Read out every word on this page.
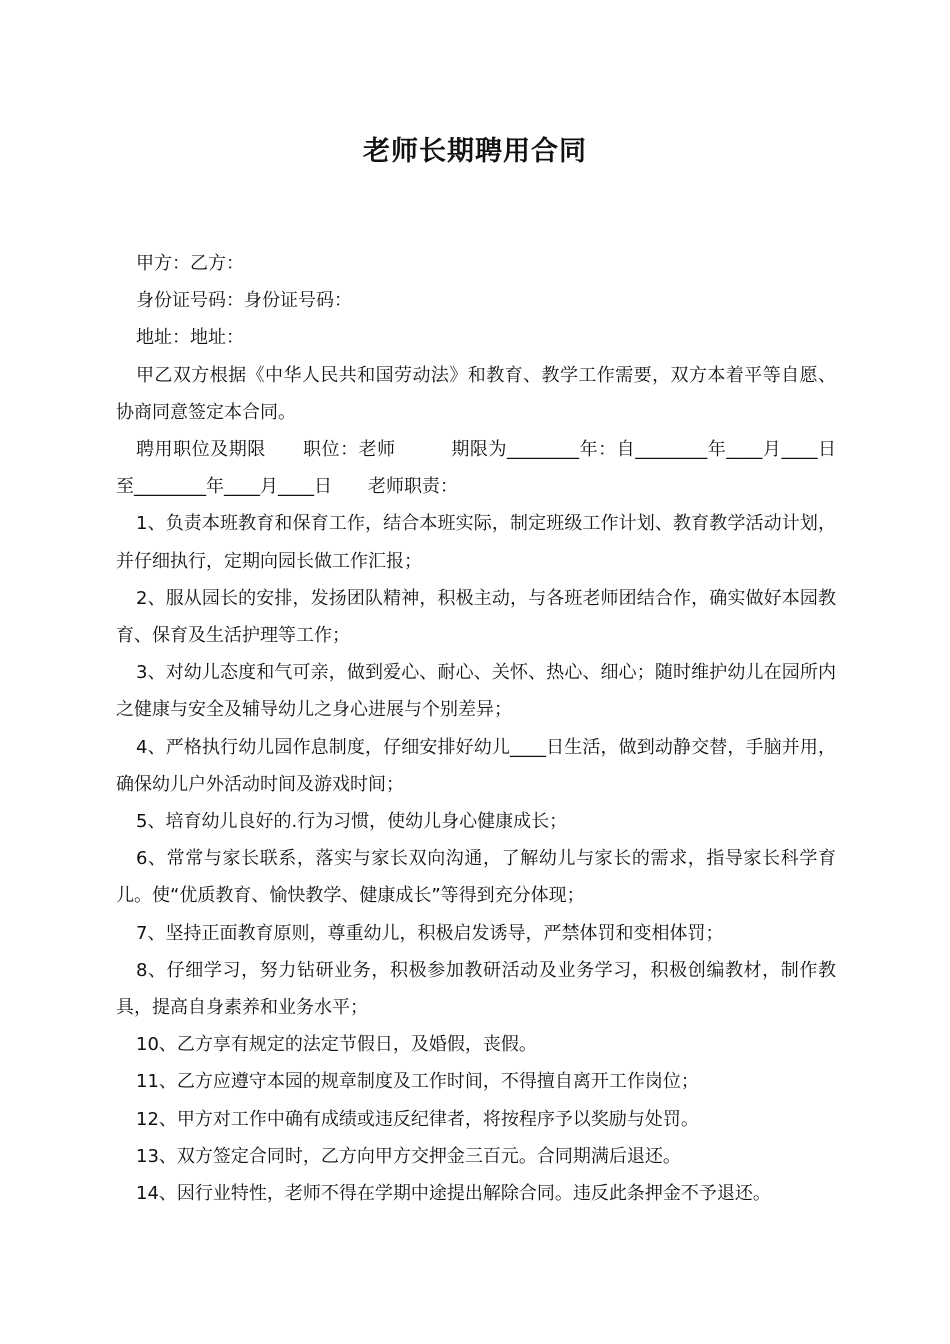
老师长期聘用合同

甲方：乙方：

身份证号码：身份证号码：

地址：地址：

甲乙双方根据《中华人民共和国劳动法》和教育、教学工作需要，双方本着平等自愿、协商同意签定本合同。

聘用职位及期限　　职位：老师　　　期限为________年：自________年____月____日至________年____月____日　　老师职责：

1、负责本班教育和保育工作，结合本班实际，制定班级工作计划、教育教学活动计划，并仔细执行，定期向园长做工作汇报；

2、服从园长的安排，发扬团队精神，积极主动，与各班老师团结合作，确实做好本园教育、保育及生活护理等工作；

3、对幼儿态度和气可亲，做到爱心、耐心、关怀、热心、细心；随时维护幼儿在园所内之健康与安全及辅导幼儿之身心进展与个别差异；

4、严格执行幼儿园作息制度，仔细安排好幼儿____日生活，做到动静交替，手脑并用，确保幼儿户外活动时间及游戏时间；

5、培育幼儿良好的.行为习惯，使幼儿身心健康成长；

6、常常与家长联系，落实与家长双向沟通，了解幼儿与家长的需求，指导家长科学育儿。使“优质教育、愉快教学、健康成长”等得到充分体现；

7、坚持正面教育原则，尊重幼儿，积极启发诱导，严禁体罚和变相体罚；

8、仔细学习，努力钻研业务，积极参加教研活动及业务学习，积极创编教材，制作教具，提高自身素养和业务水平；

10、乙方享有规定的法定节假日，及婚假，丧假。

11、乙方应遵守本园的规章制度及工作时间，不得擅自离开工作岗位；

12、甲方对工作中确有成绩或违反纪律者，将按程序予以奖励与处罚。

13、双方签定合同时，乙方向甲方交押金三百元。合同期满后退还。

14、因行业特性，老师不得在学期中途提出解除合同。违反此条押金不予退还。
